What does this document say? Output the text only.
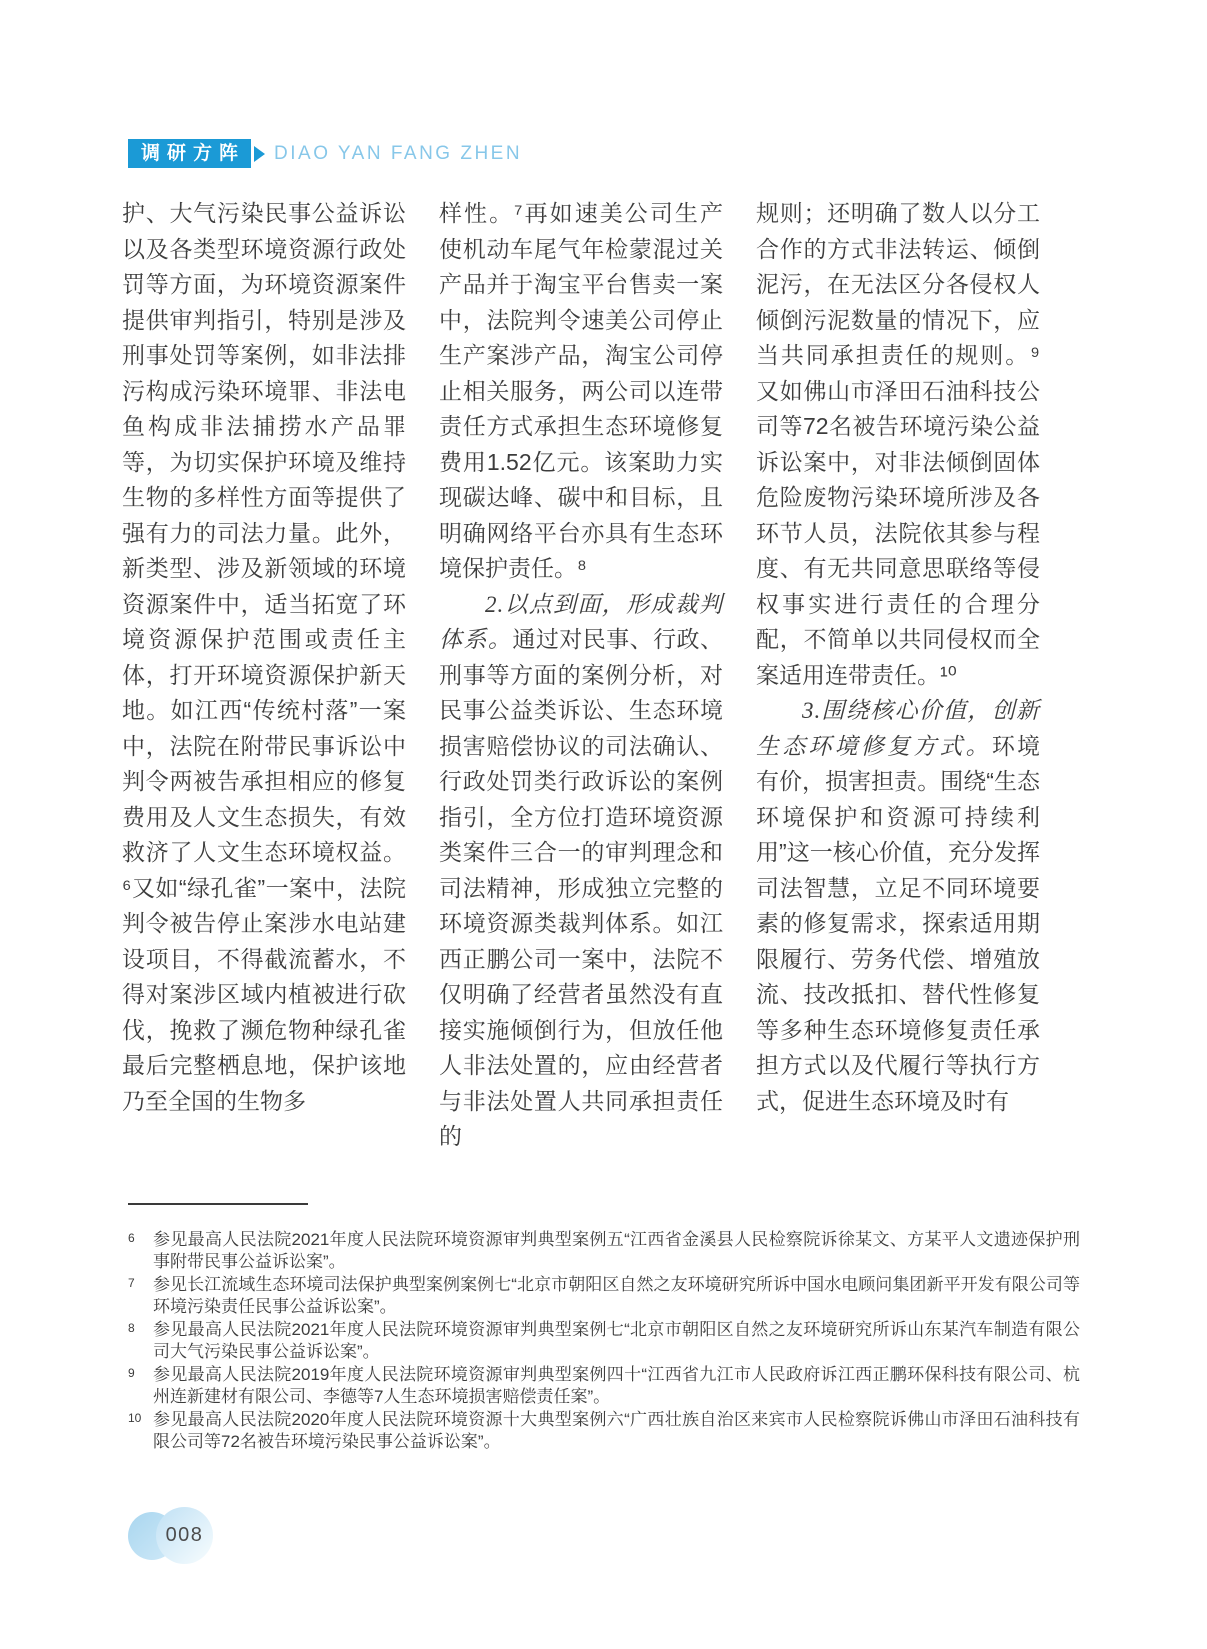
调研方阵	DIAO YAN FANG ZHEN

护、大气污染民事公益诉讼以及各类型环境资源行政处罚等方面，为环境资源案件提供审判指引，特别是涉及刑事处罚等案例，如非法排污构成污染环境罪、非法电鱼构成非法捕捞水产品罪等，为切实保护环境及维持生物的多样性方面等提供了强有力的司法力量。此外，新类型、涉及新领域的环境资源案件中，适当拓宽了环境资源保护范围或责任主体，打开环境资源保护新天地。如江西“传统村落”一案中，法院在附带民事诉讼中判令两被告承担相应的修复费用及人文生态损失，有效救济了人文生态环境权益。⁶又如“绿孔雀”一案中，法院判令被告停止案涉水电站建设项目，不得截流蓄水，不得对案涉区域内植被进行砍伐，挽救了濒危物种绿孔雀最后完整栖息地，保护该地乃至全国的生物多

样性。⁷再如速美公司生产使机动车尾气年检蒙混过关产品并于淘宝平台售卖一案中，法院判令速美公司停止生产案涉产品，淘宝公司停止相关服务，两公司以连带责任方式承担生态环境修复费用1.52亿元。该案助力实现碳达峰、碳中和目标，且明确网络平台亦具有生态环境保护责任。⁸

2.以点到面，形成裁判体系。通过对民事、行政、刑事等方面的案例分析，对民事公益类诉讼、生态环境损害赔偿协议的司法确认、行政处罚类行政诉讼的案例指引，全方位打造环境资源类案件三合一的审判理念和司法精神，形成独立完整的环境资源类裁判体系。如江西正鹏公司一案中，法院不仅明确了经营者虽然没有直接实施倾倒行为，但放任他人非法处置的，应由经营者与非法处置人共同承担责任的

规则；还明确了数人以分工合作的方式非法转运、倾倒泥污，在无法区分各侵权人倾倒污泥数量的情况下，应当共同承担责任的规则。⁹又如佛山市泽田石油科技公司等72名被告环境污染公益诉讼案中，对非法倾倒固体危险废物污染环境所涉及各环节人员，法院依其参与程度、有无共同意思联络等侵权事实进行责任的合理分配，不简单以共同侵权而全案适用连带责任。¹⁰

3.围绕核心价值，创新生态环境修复方式。环境有价，损害担责。围绕“生态环境保护和资源可持续利用”这一核心价值，充分发挥司法智慧，立足不同环境要素的修复需求，探索适用期限履行、劳务代偿、增殖放流、技改抵扣、替代性修复等多种生态环境修复责任承担方式以及代履行等执行方式，促进生态环境及时有

6 参见最高人民法院2021年度人民法院环境资源审判典型案例五“江西省金溪县人民检察院诉徐某文、方某平人文遗迹保护刑事附带民事公益诉讼案”。
7 参见长江流域生态环境司法保护典型案例案例七“北京市朝阳区自然之友环境研究所诉中国水电顾问集团新平开发有限公司等环境污染责任民事公益诉讼案”。
8 参见最高人民法院2021年度人民法院环境资源审判典型案例七“北京市朝阳区自然之友环境研究所诉山东某汽车制造有限公司大气污染民事公益诉讼案”。
9 参见最高人民法院2019年度人民法院环境资源审判典型案例四十“江西省九江市人民政府诉江西正鹏环保科技有限公司、杭州连新建材有限公司、李德等7人生态环境损害赔偿责任案”。
10 参见最高人民法院2020年度人民法院环境资源十大典型案例六“广西壮族自治区来宾市人民检察院诉佛山市泽田石油科技有限公司等72名被告环境污染民事公益诉讼案”。
008
